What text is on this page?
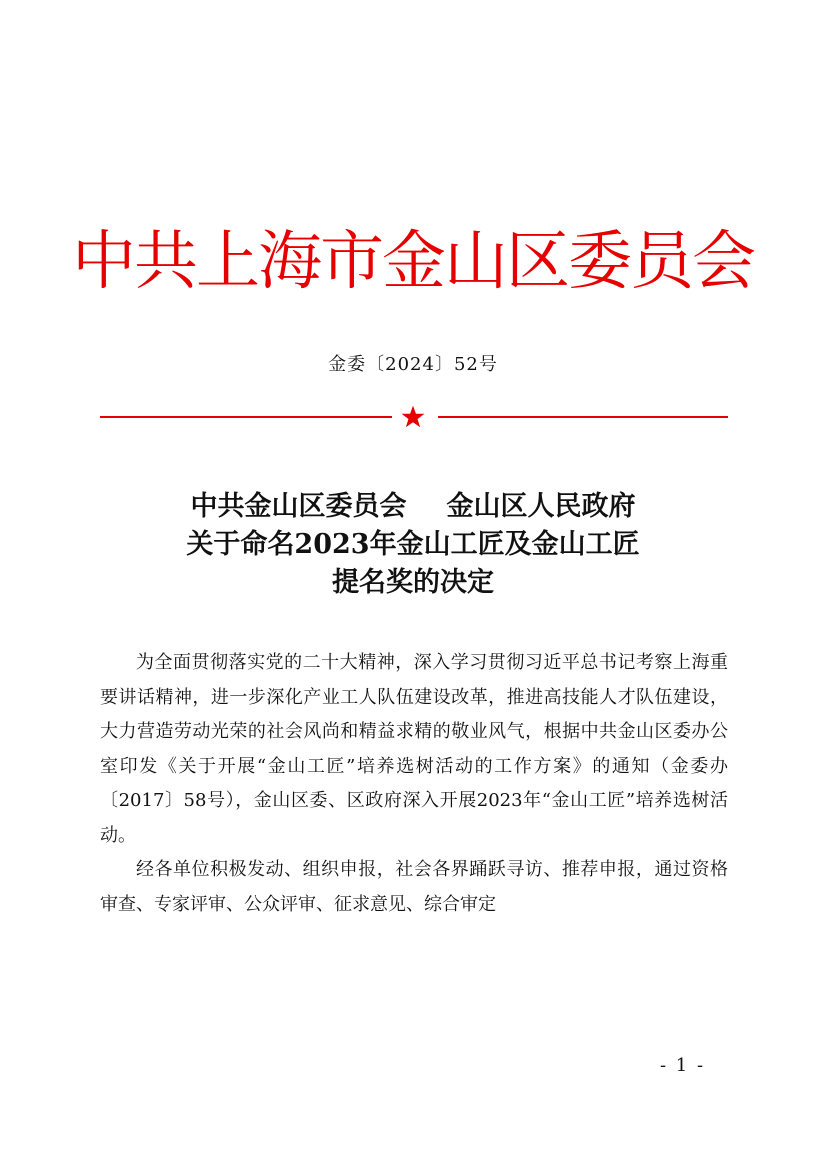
中共上海市金山区委员会
金委〔2024〕52号
中共金山区委员会 金山区人民政府
关于命名2023年金山工匠及金山工匠
提名奖的决定

为全面贯彻落实党的二十大精神，深入学习贯彻习近平总书记考察上海重要讲话精神，进一步深化产业工人队伍建设改革，推进高技能人才队伍建设，大力营造劳动光荣的社会风尚和精益求精的敬业风气，根据中共金山区委办公室印发《关于开展“金山工匠”培养选树活动的工作方案》的通知（金委办〔2017〕58号），金山区委、区政府深入开展2023年“金山工匠”培养选树活动。

经各单位积极发动、组织申报，社会各界踊跃寻访、推荐申报，通过资格审查、专家评审、公众评审、征求意见、综合审定

- 1 -
